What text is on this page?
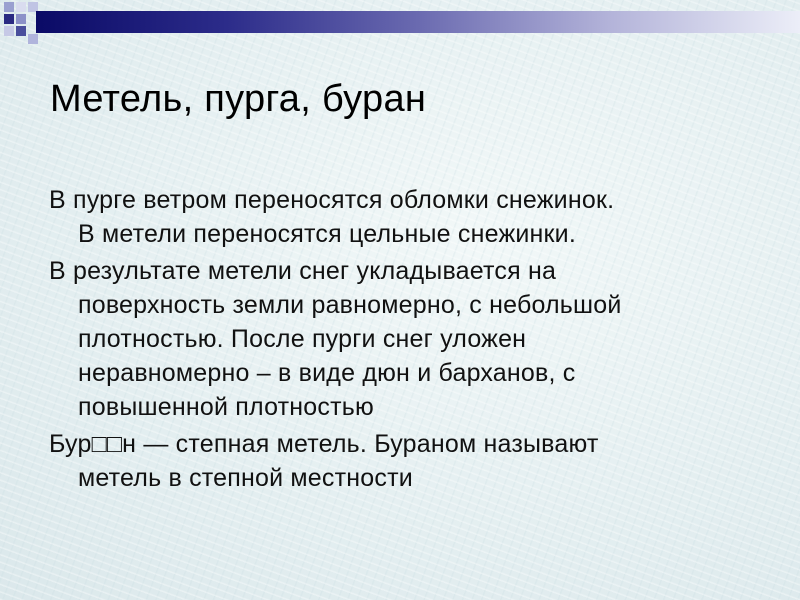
Метель, пурга, буран

В пурге ветром переносятся обломки снежинок.
В метели переносятся цельные снежинки.

В результате метели снег укладывается на
поверхность земли равномерно, с небольшой
плотностью. После пурги снег уложен
неравномерно – в виде дюн и барханов, с
повышенной плотностью

Бур□□н — степная метель. Бураном называют
метель в степной местности
